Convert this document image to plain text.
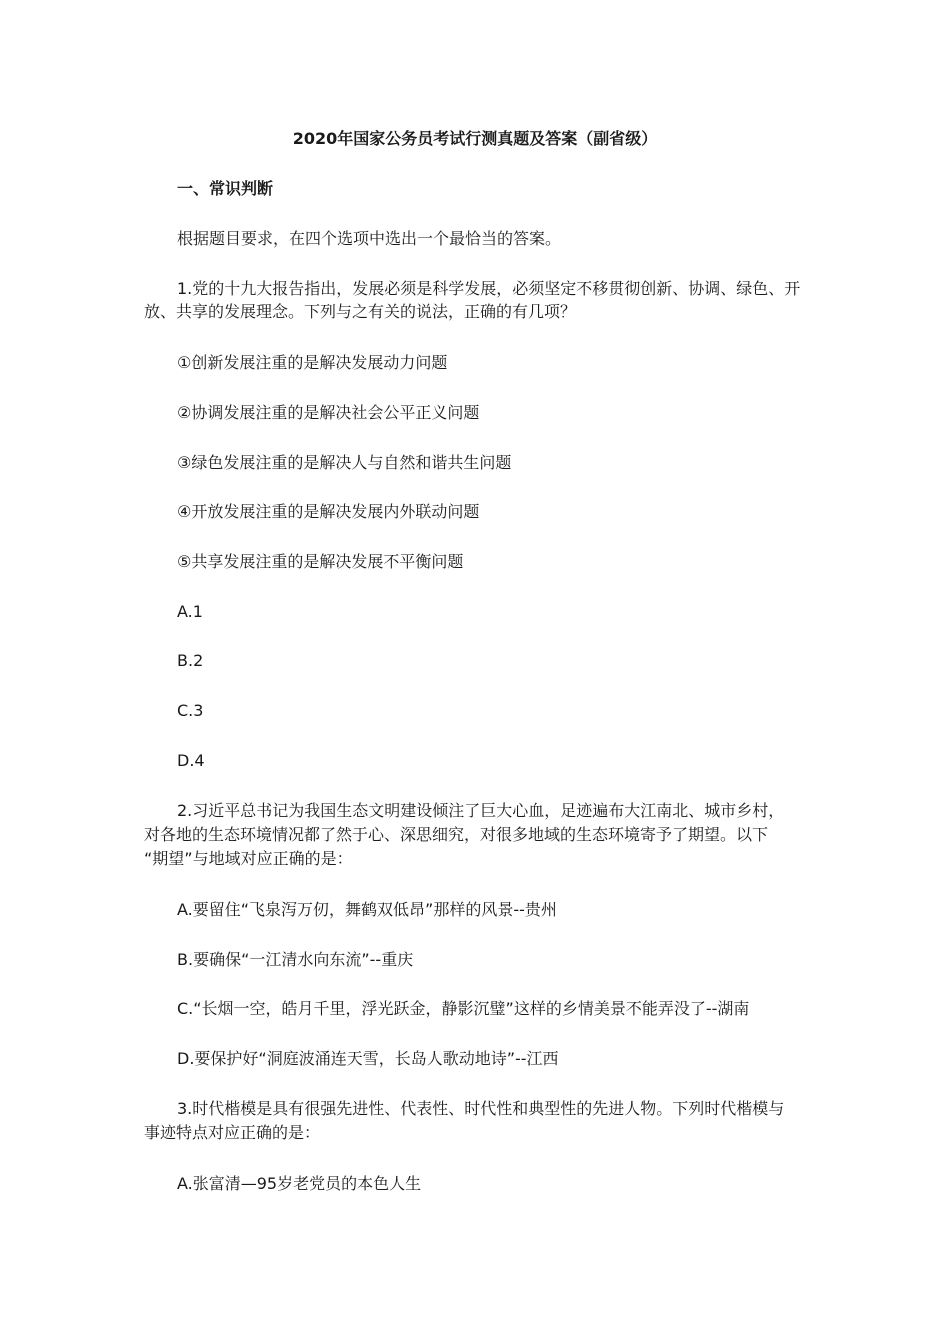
2020年国家公务员考试行测真题及答案（副省级）
一、常识判断
根据题目要求，在四个选项中选出一个最恰当的答案。
1.党的十九大报告指出，发展必须是科学发展，必须坚定不移贯彻创新、协调、绿色、开
放、共享的发展理念。下列与之有关的说法，正确的有几项？
①创新发展注重的是解决发展动力问题
②协调发展注重的是解决社会公平正义问题
③绿色发展注重的是解决人与自然和谐共生问题
④开放发展注重的是解决发展内外联动问题
⑤共享发展注重的是解决发展不平衡问题
A.1
B.2
C.3
D.4
2.习近平总书记为我国生态文明建设倾注了巨大心血，足迹遍布大江南北、城市乡村，
对各地的生态环境情况都了然于心、深思细究，对很多地域的生态环境寄予了期望。以下
“期望”与地域对应正确的是：
A.要留住“飞泉泻万仞，舞鹤双低昂”那样的风景--贵州
B.要确保“一江清水向东流”--重庆
C.“长烟一空，皓月千里，浮光跃金，静影沉璧”这样的乡情美景不能弄没了--湖南
D.要保护好“洞庭波涌连天雪，长岛人歌动地诗”--江西
3.时代楷模是具有很强先进性、代表性、时代性和典型性的先进人物。下列时代楷模与
事迹特点对应正确的是：
A.张富清—95岁老党员的本色人生
